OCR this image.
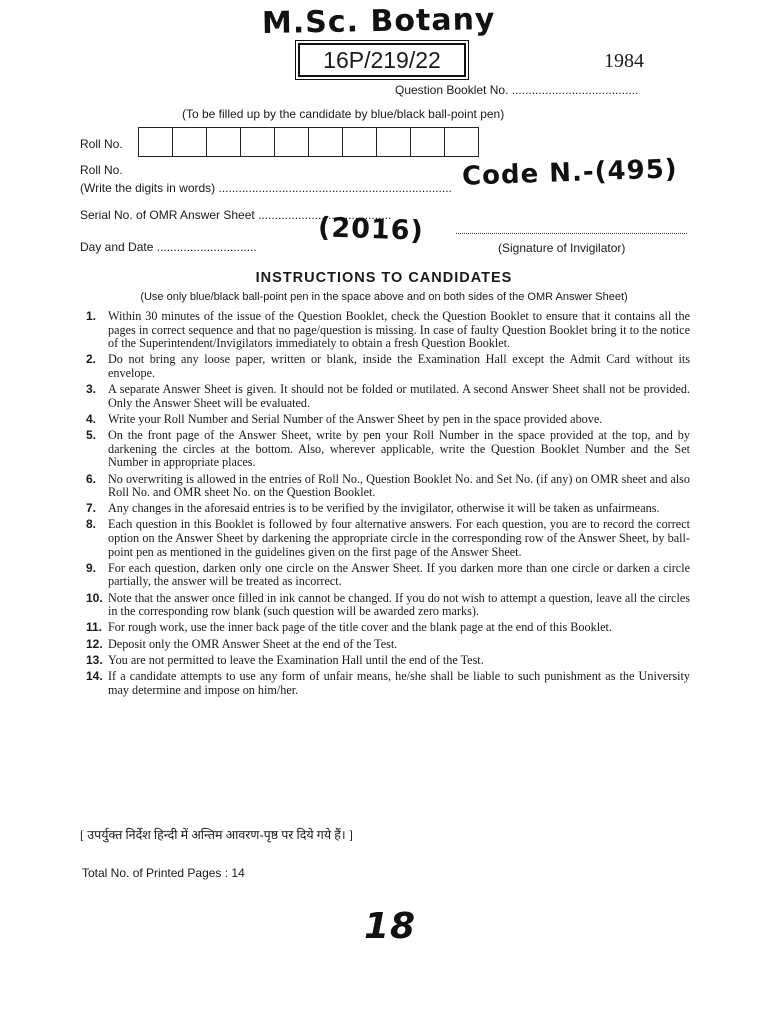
M.Sc. Botany
16P/219/22	1984
Question Booklet No. ......................................
(To be filled up by the candidate by blue/black ball-point pen)
Roll No.
Roll No.
(Write the digits in words) ...................................................................... Code N.-(495)
Serial No. of OMR Answer Sheet ........................................
(2016)
Day and Date ..............................	(Signature of Invigilator)
INSTRUCTIONS TO CANDIDATES
(Use only blue/black ball-point pen in the space above and on both sides of the OMR Answer Sheet)
1. Within 30 minutes of the issue of the Question Booklet, check the Question Booklet to ensure that it contains all the pages in correct sequence and that no page/question is missing. In case of faulty Question Booklet bring it to the notice of the Superintendent/Invigilators immediately to obtain a fresh Question Booklet.
2. Do not bring any loose paper, written or blank, inside the Examination Hall except the Admit Card without its envelope.
3. A separate Answer Sheet is given. It should not be folded or mutilated. A second Answer Sheet shall not be provided. Only the Answer Sheet will be evaluated.
4. Write your Roll Number and Serial Number of the Answer Sheet by pen in the space provided above.
5. On the front page of the Answer Sheet, write by pen your Roll Number in the space provided at the top, and by darkening the circles at the bottom. Also, wherever applicable, write the Question Booklet Number and the Set Number in appropriate places.
6. No overwriting is allowed in the entries of Roll No., Question Booklet No. and Set No. (if any) on OMR sheet and also Roll No. and OMR sheet No. on the Question Booklet.
7. Any changes in the aforesaid entries is to be verified by the invigilator, otherwise it will be taken as unfairmeans.
8. Each question in this Booklet is followed by four alternative answers. For each question, you are to record the correct option on the Answer Sheet by darkening the appropriate circle in the corresponding row of the Answer Sheet, by ball-point pen as mentioned in the guidelines given on the first page of the Answer Sheet.
9. For each question, darken only one circle on the Answer Sheet. If you darken more than one circle or darken a circle partially, the answer will be treated as incorrect.
10. Note that the answer once filled in ink cannot be changed. If you do not wish to attempt a question, leave all the circles in the corresponding row blank (such question will be awarded zero marks).
11. For rough work, use the inner back page of the title cover and the blank page at the end of this Booklet.
12. Deposit only the OMR Answer Sheet at the end of the Test.
13. You are not permitted to leave the Examination Hall until the end of the Test.
14. If a candidate attempts to use any form of unfair means, he/she shall be liable to such punishment as the University may determine and impose on him/her.
[ उपर्युक्त निर्देश हिन्दी में अन्तिम आवरण-पृष्ठ पर दिये गये हैं। ]
Total No. of Printed Pages : 14
18
